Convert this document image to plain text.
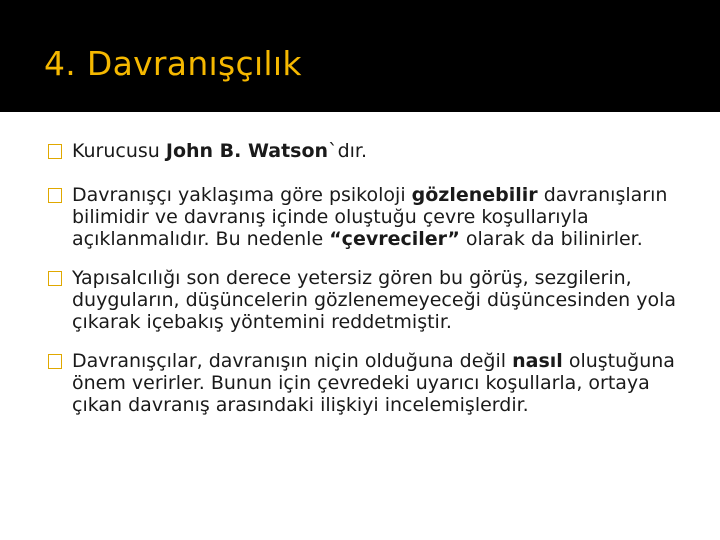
4. Davranışçılık
Kurucusu John B. Watson`dır.
Davranışçı yaklaşıma göre psikoloji gözlenebilir davranışların bilimidir ve davranış içinde oluştuğu çevre koşullarıyla açıklanmalıdır. Bu nedenle “çevreciler” olarak da bilinirler.
Yapısalcılığı son derece yetersiz gören bu görüş, sezgilerin, duyguların, düşüncelerin gözlenemeyeceği düşüncesinden yola çıkarak içebakış yöntemini reddetmiştir.
Davranışçılar, davranışın niçin olduğuna değil nasıl oluştuğuna önem verirler. Bunun için çevredeki uyarıcı koşullarla, ortaya çıkan davranış arasındaki ilişkiyi incelemişlerdir.
